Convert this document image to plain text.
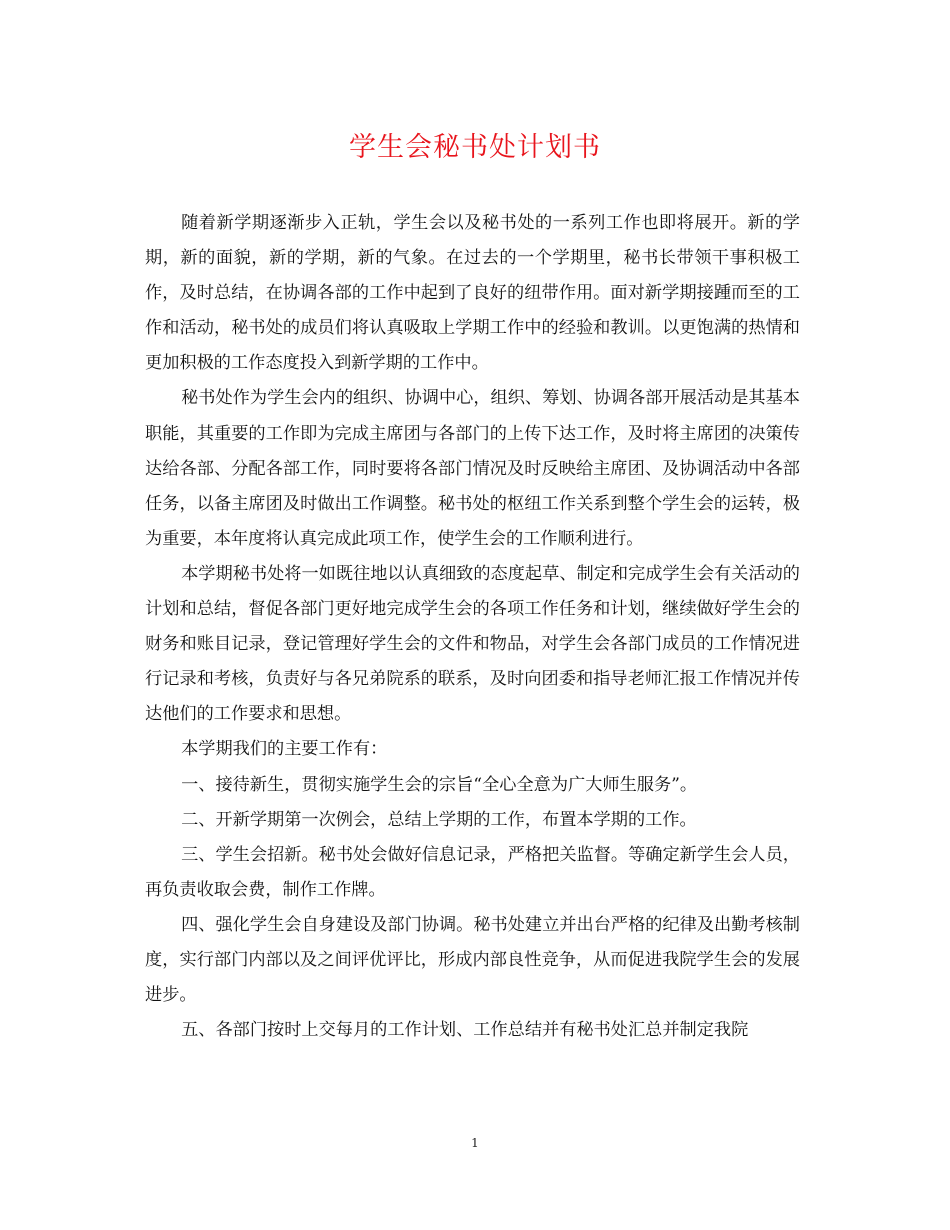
学生会秘书处计划书

随着新学期逐渐步入正轨，学生会以及秘书处的一系列工作也即将展开。新的学期，新的面貌，新的学期，新的气象。在过去的一个学期里，秘书长带领干事积极工作，及时总结，在协调各部的工作中起到了良好的纽带作用。面对新学期接踵而至的工作和活动，秘书处的成员们将认真吸取上学期工作中的经验和教训。以更饱满的热情和更加积极的工作态度投入到新学期的工作中。

秘书处作为学生会内的组织、协调中心，组织、筹划、协调各部开展活动是其基本职能，其重要的工作即为完成主席团与各部门的上传下达工作，及时将主席团的决策传达给各部、分配各部工作，同时要将各部门情况及时反映给主席团、及协调活动中各部任务，以备主席团及时做出工作调整。秘书处的枢纽工作关系到整个学生会的运转，极为重要，本年度将认真完成此项工作，使学生会的工作顺利进行。

本学期秘书处将一如既往地以认真细致的态度起草、制定和完成学生会有关活动的计划和总结，督促各部门更好地完成学生会的各项工作任务和计划，继续做好学生会的财务和账目记录，登记管理好学生会的文件和物品，对学生会各部门成员的工作情况进行记录和考核，负责好与各兄弟院系的联系，及时向团委和指导老师汇报工作情况并传达他们的工作要求和思想。

本学期我们的主要工作有：

一、接待新生，贯彻实施学生会的宗旨“全心全意为广大师生服务”。

二、开新学期第一次例会，总结上学期的工作，布置本学期的工作。

三、学生会招新。秘书处会做好信息记录，严格把关监督。等确定新学生会人员，再负责收取会费，制作工作牌。

四、强化学生会自身建设及部门协调。秘书处建立并出台严格的纪律及出勤考核制度，实行部门内部以及之间评优评比，形成内部良性竞争，从而促进我院学生会的发展进步。

五、各部门按时上交每月的工作计划、工作总结并有秘书处汇总并制定我院

1
